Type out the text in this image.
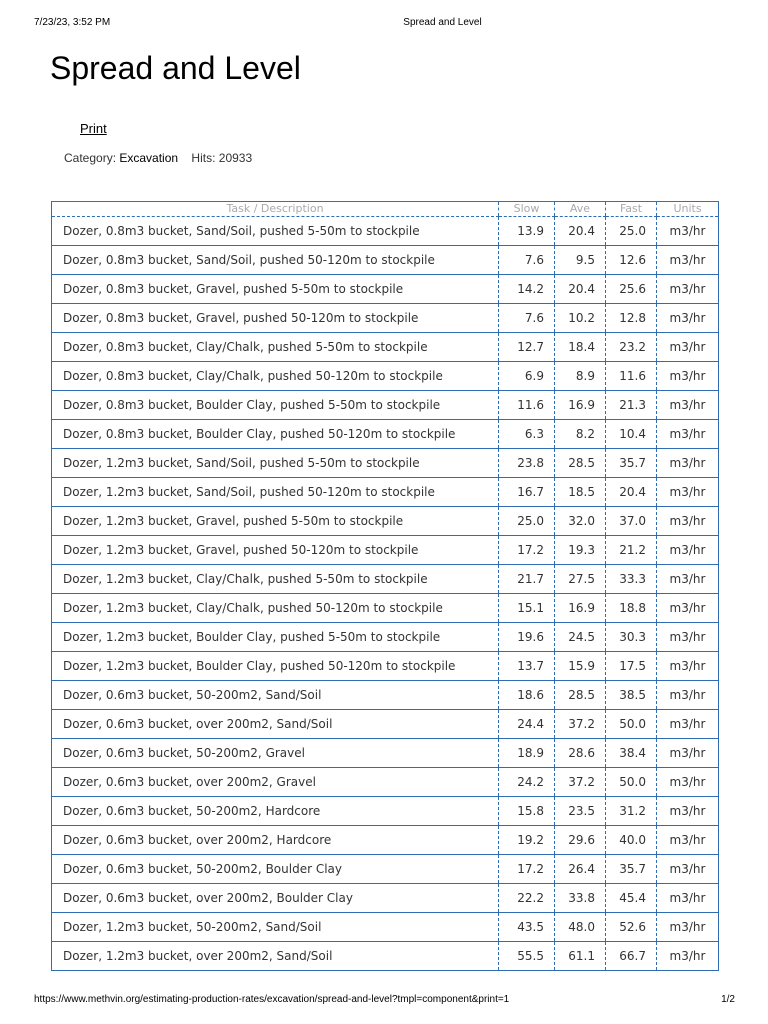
7/23/23, 3:52 PM	Spread and Level
Spread and Level
Print
Category: Excavation Hits: 20933
Task / Description	Slow	Ave	Fast	Units
Dozer, 0.8m3 bucket, Sand/Soil, pushed 5-50m to stockpile	13.9	20.4	25.0	m3/hr
Dozer, 0.8m3 bucket, Sand/Soil, pushed 50-120m to stockpile	7.6	9.5	12.6	m3/hr
Dozer, 0.8m3 bucket, Gravel, pushed 5-50m to stockpile	14.2	20.4	25.6	m3/hr
Dozer, 0.8m3 bucket, Gravel, pushed 50-120m to stockpile	7.6	10.2	12.8	m3/hr
Dozer, 0.8m3 bucket, Clay/Chalk, pushed 5-50m to stockpile	12.7	18.4	23.2	m3/hr
Dozer, 0.8m3 bucket, Clay/Chalk, pushed 50-120m to stockpile	6.9	8.9	11.6	m3/hr
Dozer, 0.8m3 bucket, Boulder Clay, pushed 5-50m to stockpile	11.6	16.9	21.3	m3/hr
Dozer, 0.8m3 bucket, Boulder Clay, pushed 50-120m to stockpile	6.3	8.2	10.4	m3/hr
Dozer, 1.2m3 bucket, Sand/Soil, pushed 5-50m to stockpile	23.8	28.5	35.7	m3/hr
Dozer, 1.2m3 bucket, Sand/Soil, pushed 50-120m to stockpile	16.7	18.5	20.4	m3/hr
Dozer, 1.2m3 bucket, Gravel, pushed 5-50m to stockpile	25.0	32.0	37.0	m3/hr
Dozer, 1.2m3 bucket, Gravel, pushed 50-120m to stockpile	17.2	19.3	21.2	m3/hr
Dozer, 1.2m3 bucket, Clay/Chalk, pushed 5-50m to stockpile	21.7	27.5	33.3	m3/hr
Dozer, 1.2m3 bucket, Clay/Chalk, pushed 50-120m to stockpile	15.1	16.9	18.8	m3/hr
Dozer, 1.2m3 bucket, Boulder Clay, pushed 5-50m to stockpile	19.6	24.5	30.3	m3/hr
Dozer, 1.2m3 bucket, Boulder Clay, pushed 50-120m to stockpile	13.7	15.9	17.5	m3/hr
Dozer, 0.6m3 bucket, 50-200m2, Sand/Soil	18.6	28.5	38.5	m3/hr
Dozer, 0.6m3 bucket, over 200m2, Sand/Soil	24.4	37.2	50.0	m3/hr
Dozer, 0.6m3 bucket, 50-200m2, Gravel	18.9	28.6	38.4	m3/hr
Dozer, 0.6m3 bucket, over 200m2, Gravel	24.2	37.2	50.0	m3/hr
Dozer, 0.6m3 bucket, 50-200m2, Hardcore	15.8	23.5	31.2	m3/hr
Dozer, 0.6m3 bucket, over 200m2, Hardcore	19.2	29.6	40.0	m3/hr
Dozer, 0.6m3 bucket, 50-200m2, Boulder Clay	17.2	26.4	35.7	m3/hr
Dozer, 0.6m3 bucket, over 200m2, Boulder Clay	22.2	33.8	45.4	m3/hr
Dozer, 1.2m3 bucket, 50-200m2, Sand/Soil	43.5	48.0	52.6	m3/hr
Dozer, 1.2m3 bucket, over 200m2, Sand/Soil	55.5	61.1	66.7	m3/hr
https://www.methvin.org/estimating-production-rates/excavation/spread-and-level?tmpl=component&print=1	1/2
